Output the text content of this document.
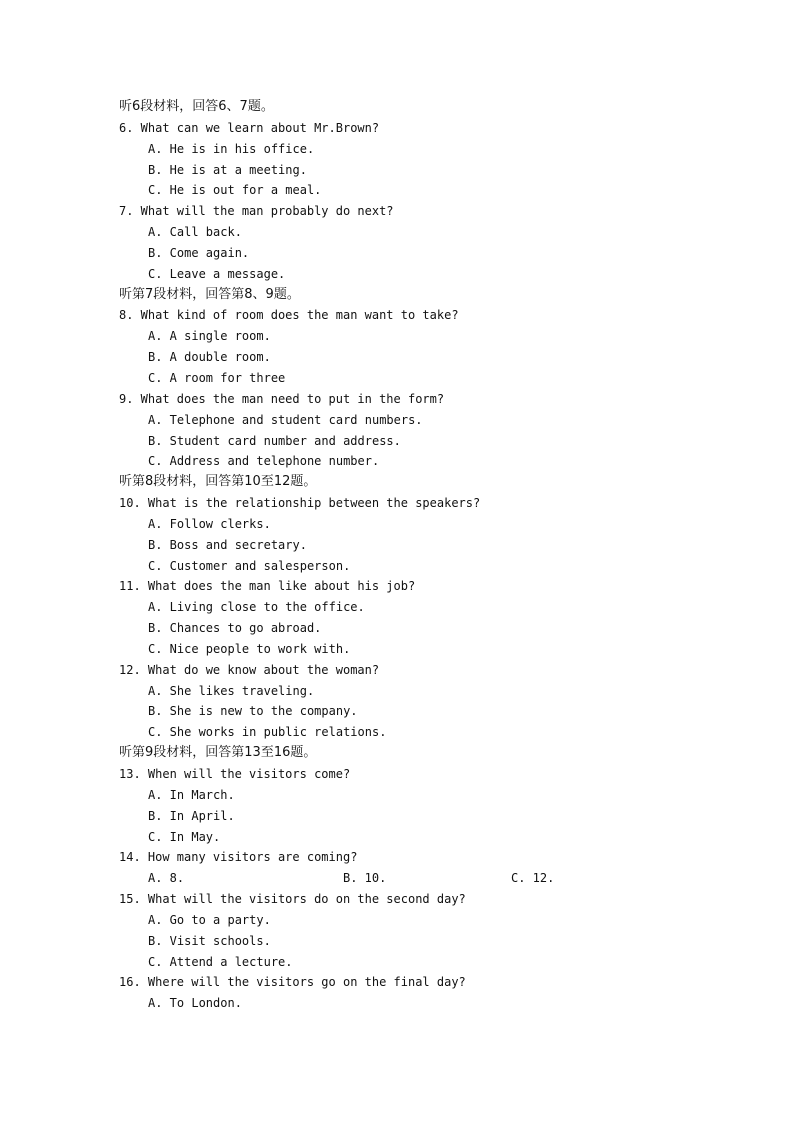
听6段材料，回答6、7题。
6. What can we learn about Mr.Brown?
A. He is in his office.
B. He is at a meeting.
C. He is out for a meal.
7. What will the man probably do next?
A. Call back.
B. Come again.
C. Leave a message.
听第7段材料，回答第8、9题。
8. What kind of room does the man want to take?
A. A single room.
B. A double room.
C. A room for three
9. What does the man need to put in the form?
A. Telephone and student card numbers.
B. Student card number and address.
C. Address and telephone number.
听第8段材料，回答第10至12题。
10. What is the relationship between the speakers?
A. Follow clerks.
B. Boss and secretary.
C. Customer and salesperson.
11. What does the man like about his job?
A. Living close to the office.
B. Chances to go abroad.
C. Nice people to work with.
12. What do we know about the woman?
A. She likes traveling.
B. She is new to the company.
C. She works in public relations.
听第9段材料，回答第13至16题。
13. When will the visitors come?
A. In March.
B. In April.
C. In May.
14. How many visitors are coming?

A. 8.

	B. 10.

	C. 12.

15. What will the visitors do on the second day?
A. Go to a party.
B. Visit schools.
C. Attend a lecture.
16. Where will the visitors go on the final day?
A. To London.
